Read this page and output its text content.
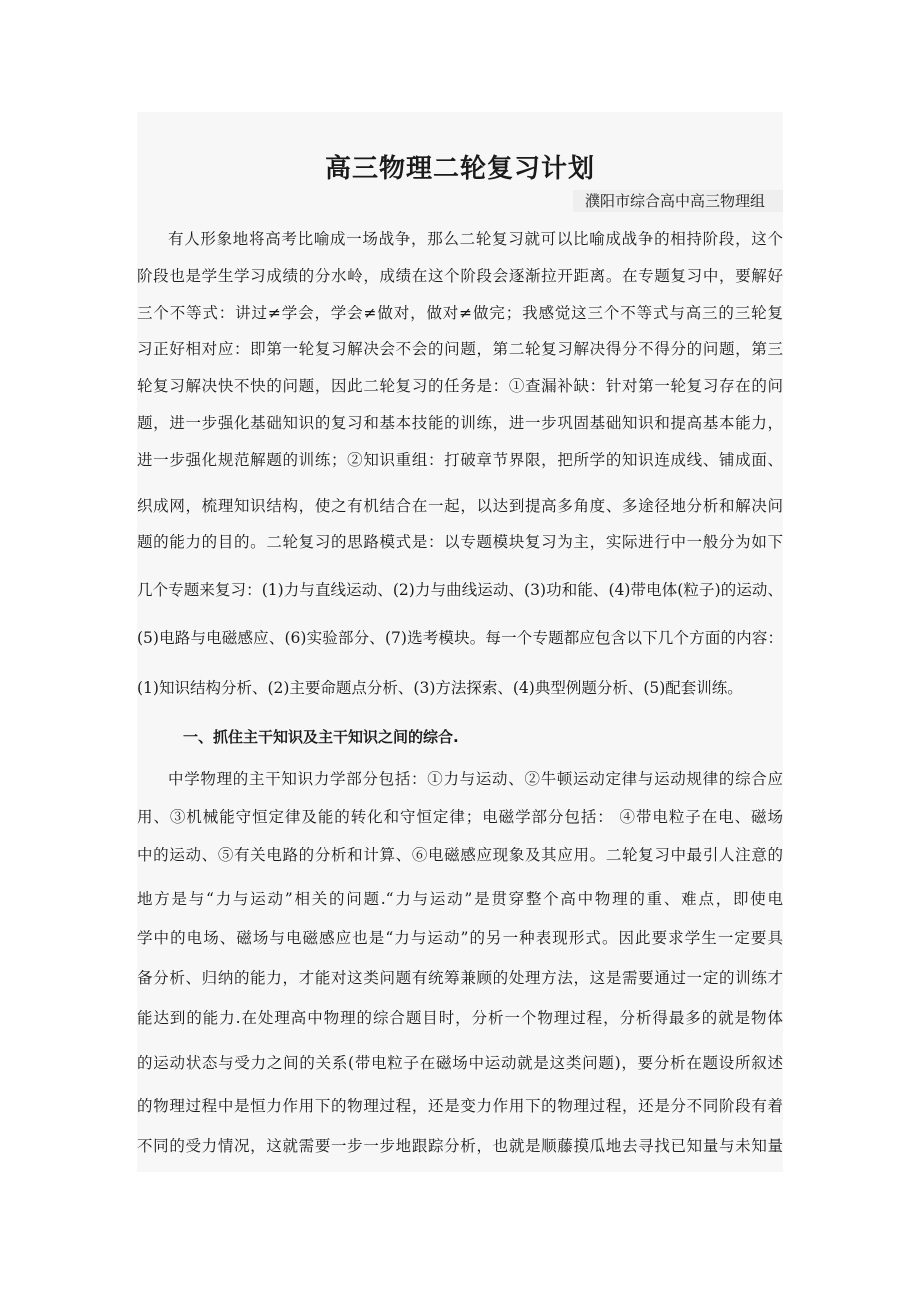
高三物理二轮复习计划
濮阳市综合高中高三物理组

有人形象地将高考比喻成一场战争，那么二轮复习就可以比喻成战争的相持阶段，这个

阶段也是学生学习成绩的分水岭，成绩在这个阶段会逐渐拉开距离。在专题复习中，要解好

三个不等式：讲过≠学会，学会≠做对，做对≠做完；我感觉这三个不等式与高三的三轮复

习正好相对应：即第一轮复习解决会不会的问题，第二轮复习解决得分不得分的问题，第三

轮复习解决快不快的问题，因此二轮复习的任务是：①查漏补缺：针对第一轮复习存在的问

题，进一步强化基础知识的复习和基本技能的训练，进一步巩固基础知识和提高基本能力，

进一步强化规范解题的训练；②知识重组：打破章节界限，把所学的知识连成线、铺成面、

织成网，梳理知识结构，使之有机结合在一起，以达到提高多角度、多途径地分析和解决问

题的能力的目的。二轮复习的思路模式是：以专题模块复习为主，实际进行中一般分为如下

几个专题来复习：(1)力与直线运动、(2)力与曲线运动、(3)功和能、(4)带电体(粒子)的运动、

(5)电路与电磁感应、(6)实验部分、(7)选考模块。每一个专题都应包含以下几个方面的内容：

(1)知识结构分析、(2)主要命题点分析、(3)方法探索、(4)典型例题分析、(5)配套训练。

一、抓住主干知识及主干知识之间的综合.

中学物理的主干知识力学部分包括：①力与运动、②牛顿运动定律与运动规律的综合应

用、③机械能守恒定律及能的转化和守恒定律；电磁学部分包括： ④带电粒子在电、磁场

中的运动、⑤有关电路的分析和计算、⑥电磁感应现象及其应用。二轮复习中最引人注意的

地方是与“力与运动”相关的问题.“力与运动”是贯穿整个高中物理的重、难点，即使电

学中的电场、磁场与电磁感应也是“力与运动”的另一种表现形式。因此要求学生一定要具

备分析、归纳的能力，才能对这类问题有统筹兼顾的处理方法，这是需要通过一定的训练才

能达到的能力.在处理高中物理的综合题目时，分析一个物理过程，分析得最多的就是物体

的运动状态与受力之间的关系(带电粒子在磁场中运动就是这类问题)，要分析在题设所叙述

的物理过程中是恒力作用下的物理过程，还是变力作用下的物理过程，还是分不同阶段有着

不同的受力情况，这就需要一步一步地跟踪分析，也就是顺藤摸瓜地去寻找已知量与未知量
